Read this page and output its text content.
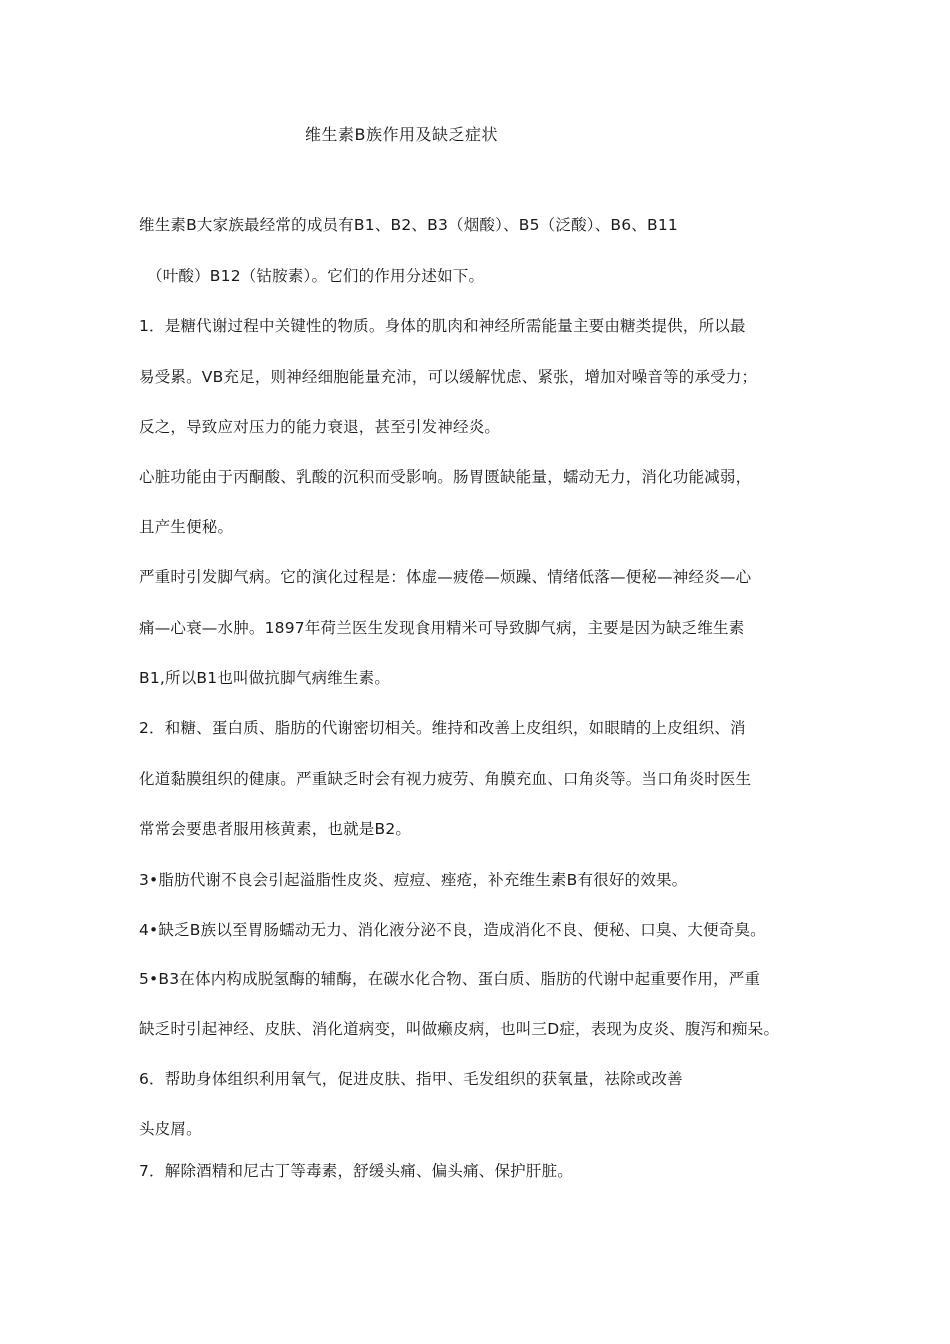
维生素B族作用及缺乏症状
维生素B大家族最经常的成员有B1、B2、B3（烟酸）、B5（泛酸）、B6、B11
（叶酸）B12（钴胺素）。它们的作用分述如下。
1．是糖代谢过程中关键性的物质。身体的肌肉和神经所需能量主要由糖类提供，所以最
易受累。VB充足，则神经细胞能量充沛，可以缓解忧虑、紧张，增加对噪音等的承受力；
反之，导致应对压力的能力衰退，甚至引发神经炎。
心脏功能由于丙酮酸、乳酸的沉积而受影响。肠胃匮缺能量，蠕动无力，消化功能减弱，
且产生便秘。
严重时引发脚气病。它的演化过程是：体虚—疲倦—烦躁、情绪低落—便秘—神经炎—心
痛—心衰—水肿。1897年荷兰医生发现食用精米可导致脚气病，主要是因为缺乏维生素
B1,所以B1也叫做抗脚气病维生素。
2．和糖、蛋白质、脂肪的代谢密切相关。维持和改善上皮组织，如眼睛的上皮组织、消
化道黏膜组织的健康。严重缺乏时会有视力疲劳、角膜充血、口角炎等。当口角炎时医生
常常会要患者服用核黄素，也就是B2。
3•脂肪代谢不良会引起溢脂性皮炎、痘痘、痤疮，补充维生素B有很好的效果。
4•缺乏B族以至胃肠蠕动无力、消化液分泌不良，造成消化不良、便秘、口臭、大便奇臭。
5•B3在体内构成脱氢酶的辅酶，在碳水化合物、蛋白质、脂肪的代谢中起重要作用，严重
缺乏时引起神经、皮肤、消化道病变，叫做癞皮病，也叫三D症，表现为皮炎、腹泻和痴呆。
6．帮助身体组织利用氧气，促进皮肤、指甲、毛发组织的获氧量，祛除或改善
头皮屑。
7．解除酒精和尼古丁等毒素，舒缓头痛、偏头痛、保护肝脏。
